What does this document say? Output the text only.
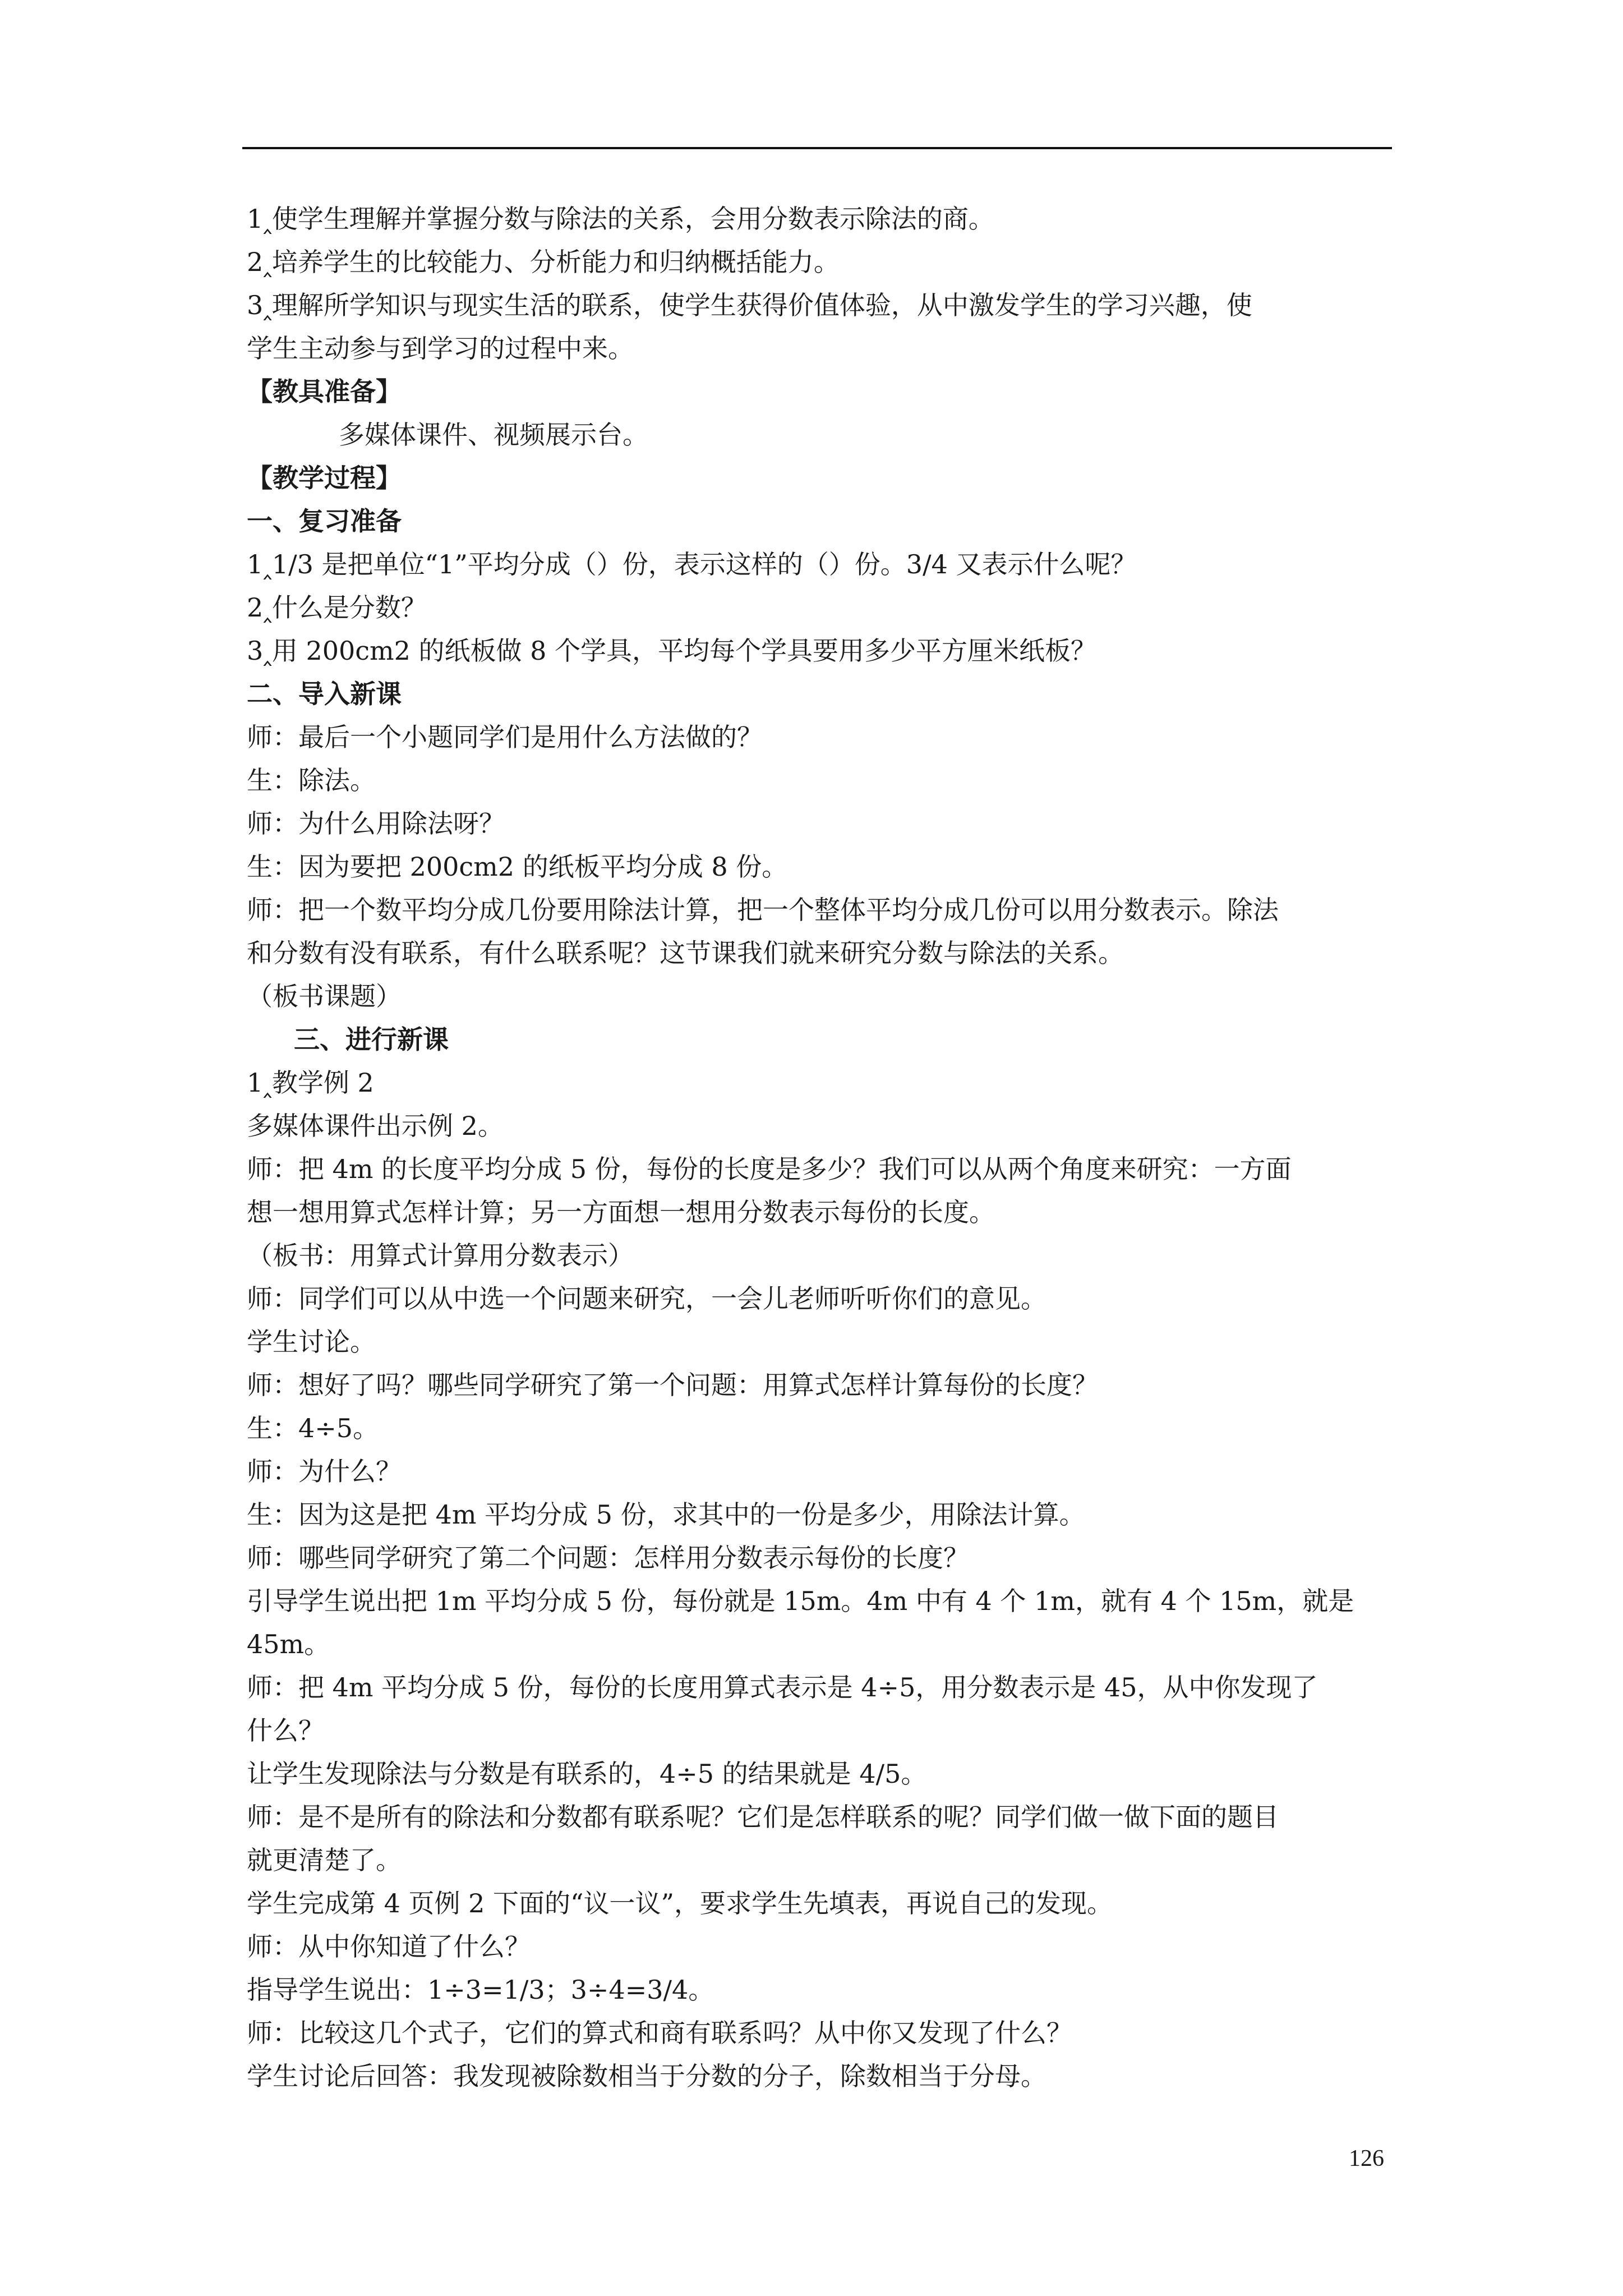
1‸使学生理解并掌握分数与除法的关系，会用分数表示除法的商。

2‸培养学生的比较能力、分析能力和归纳概括能力。

3‸理解所学知识与现实生活的联系，使学生获得价值体验，从中激发学生的学习兴趣，使

学生主动参与到学习的过程中来。

【教具准备】

多媒体课件、视频展示台。

【教学过程】

一、复习准备

1‸1/3 是把单位“1”平均分成（）份，表示这样的（）份。3/4 又表示什么呢？

2‸什么是分数？

3‸用 200cm2 的纸板做 8 个学具，平均每个学具要用多少平方厘米纸板？

二、导入新课

师：最后一个小题同学们是用什么方法做的？

生：除法。

师：为什么用除法呀？

生：因为要把 200cm2 的纸板平均分成 8 份。

师：把一个数平均分成几份要用除法计算，把一个整体平均分成几份可以用分数表示。除法

和分数有没有联系，有什么联系呢？这节课我们就来研究分数与除法的关系。

（板书课题）

三、进行新课

1‸教学例 2

多媒体课件出示例 2。

师：把 4m 的长度平均分成 5 份，每份的长度是多少？我们可以从两个角度来研究：一方面

想一想用算式怎样计算；另一方面想一想用分数表示每份的长度。

（板书：用算式计算用分数表示）

师：同学们可以从中选一个问题来研究，一会儿老师听听你们的意见。

学生讨论。

师：想好了吗？哪些同学研究了第一个问题：用算式怎样计算每份的长度？

生：4÷5。

师：为什么？

生：因为这是把 4m 平均分成 5 份，求其中的一份是多少，用除法计算。

师：哪些同学研究了第二个问题：怎样用分数表示每份的长度？

引导学生说出把 1m 平均分成 5 份，每份就是 15m。4m 中有 4 个 1m，就有 4 个 15m，就是

45m。

师：把 4m 平均分成 5 份，每份的长度用算式表示是 4÷5，用分数表示是 45，从中你发现了

什么？

让学生发现除法与分数是有联系的，4÷5 的结果就是 4/5。

师：是不是所有的除法和分数都有联系呢？它们是怎样联系的呢？同学们做一做下面的题目

就更清楚了。

学生完成第 4 页例 2 下面的“议一议”，要求学生先填表，再说自己的发现。

师：从中你知道了什么？

指导学生说出：1÷3=1/3；3÷4=3/4。

师：比较这几个式子，它们的算式和商有联系吗？从中你又发现了什么？

学生讨论后回答：我发现被除数相当于分数的分子，除数相当于分母。

126
